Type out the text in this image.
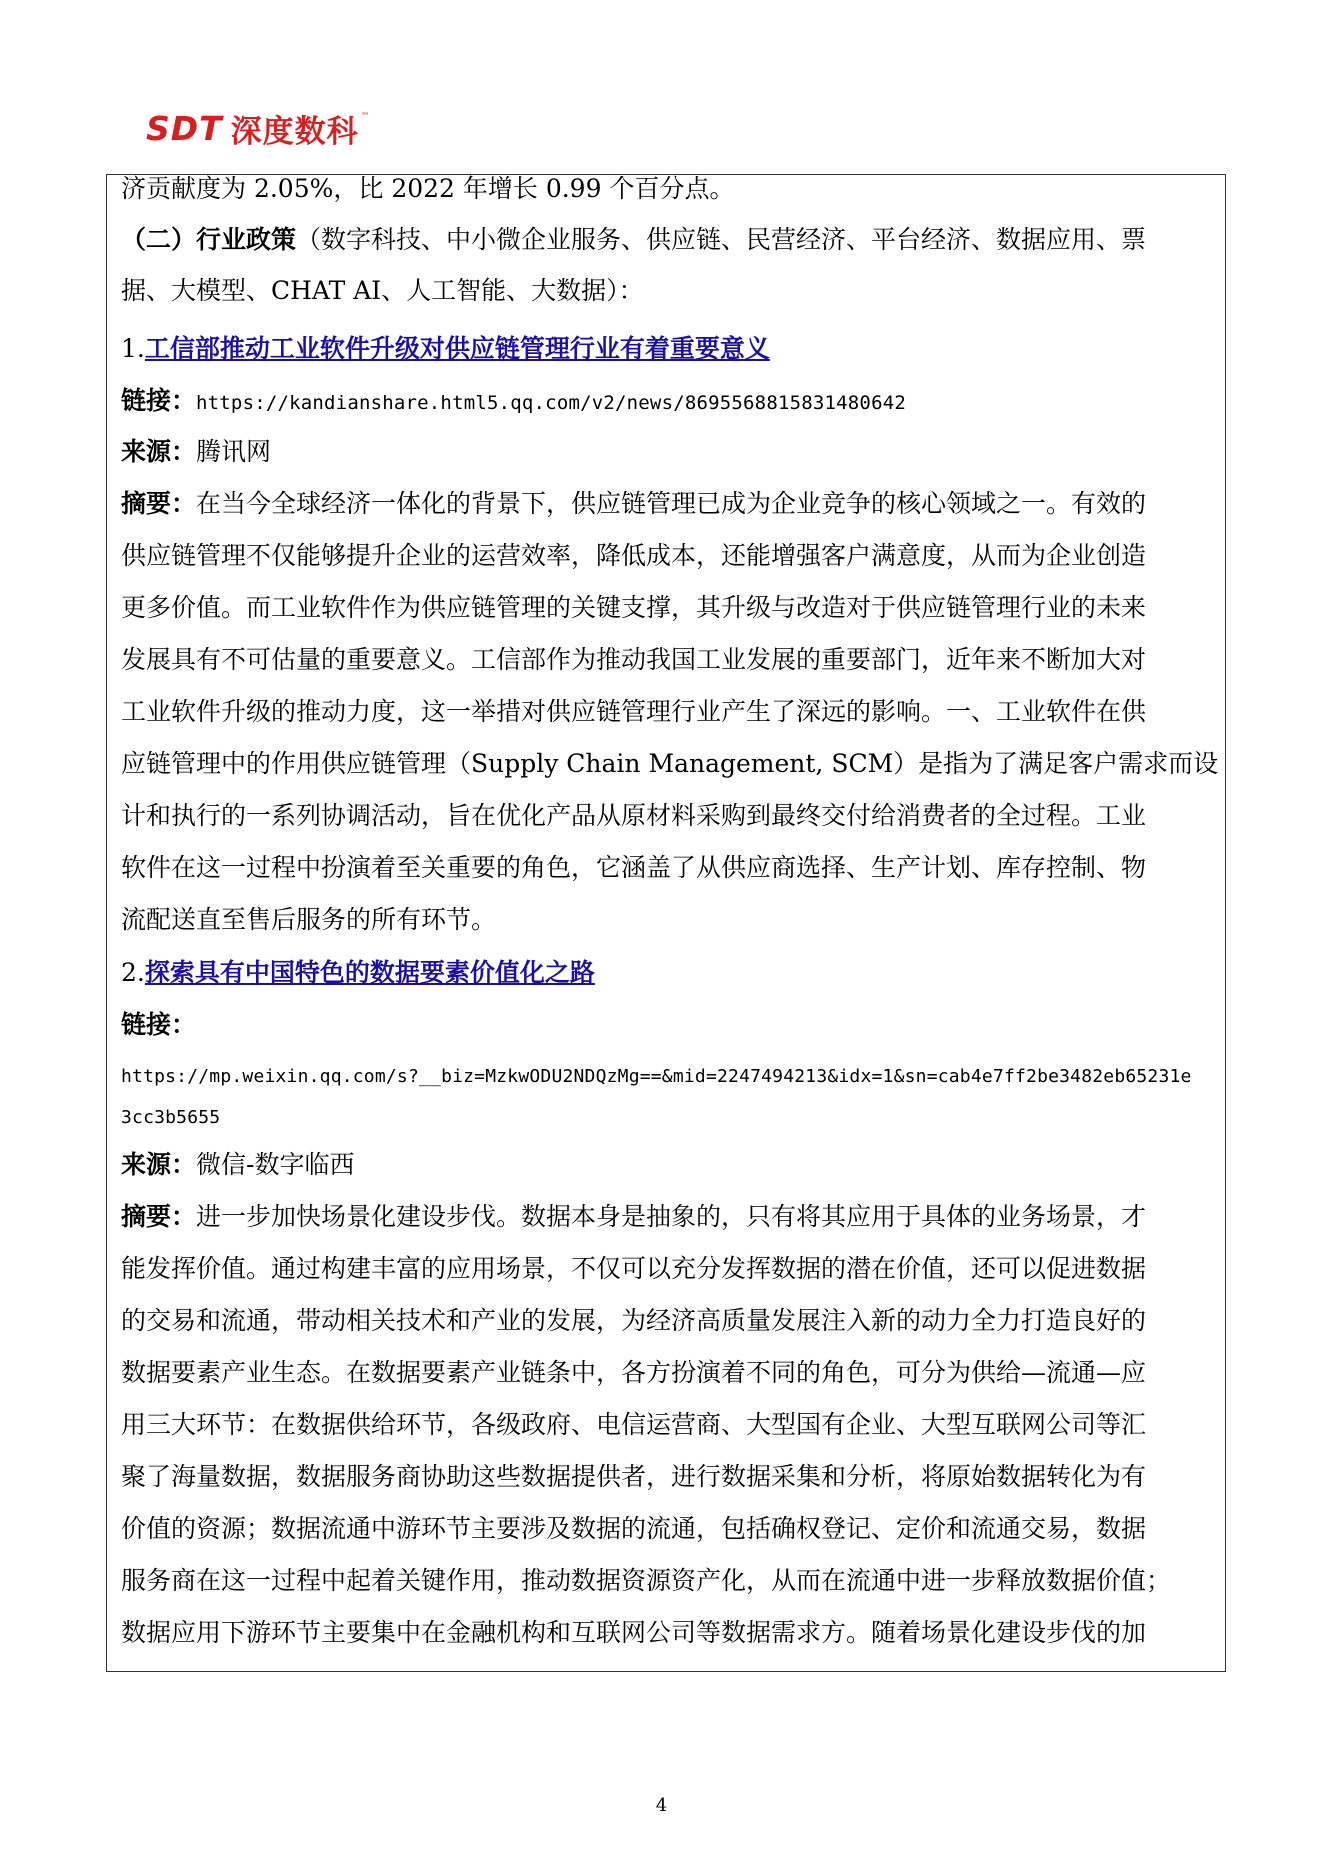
SDT 深度数科 ™
济贡献度为 2.05%，比 2022 年增长 0.99 个百分点。
（二）行业政策（数字科技、中小微企业服务、供应链、民营经济、平台经济、数据应用、票
据、大模型、CHAT AI、人工智能、大数据）：
1.工信部推动工业软件升级对供应链管理行业有着重要意义
链接：https://kandianshare.html5.qq.com/v2/news/8695568815831480642
来源：腾讯网
摘要：在当今全球经济一体化的背景下，供应链管理已成为企业竞争的核心领域之一。有效的
供应链管理不仅能够提升企业的运营效率，降低成本，还能增强客户满意度，从而为企业创造
更多价值。而工业软件作为供应链管理的关键支撑，其升级与改造对于供应链管理行业的未来
发展具有不可估量的重要意义。工信部作为推动我国工业发展的重要部门，近年来不断加大对
工业软件升级的推动力度，这一举措对供应链管理行业产生了深远的影响。一、工业软件在供
应链管理中的作用供应链管理（Supply Chain Management, SCM）是指为了满足客户需求而设
计和执行的一系列协调活动，旨在优化产品从原材料采购到最终交付给消费者的全过程。工业
软件在这一过程中扮演着至关重要的角色，它涵盖了从供应商选择、生产计划、库存控制、物
流配送直至售后服务的所有环节。
2.探索具有中国特色的数据要素价值化之路
链接：
https://mp.weixin.qq.com/s?__biz=MzkwODU2NDQzMg==&mid=2247494213&idx=1&sn=cab4e7ff2be3482eb65231e
3cc3b5655
来源：微信-数字临西
摘要：进一步加快场景化建设步伐。数据本身是抽象的，只有将其应用于具体的业务场景，才
能发挥价值。通过构建丰富的应用场景，不仅可以充分发挥数据的潜在价值，还可以促进数据
的交易和流通，带动相关技术和产业的发展，为经济高质量发展注入新的动力全力打造良好的
数据要素产业生态。在数据要素产业链条中，各方扮演着不同的角色，可分为供给—流通—应
用三大环节：在数据供给环节，各级政府、电信运营商、大型国有企业、大型互联网公司等汇
聚了海量数据，数据服务商协助这些数据提供者，进行数据采集和分析，将原始数据转化为有
价值的资源；数据流通中游环节主要涉及数据的流通，包括确权登记、定价和流通交易，数据
服务商在这一过程中起着关键作用，推动数据资源资产化，从而在流通中进一步释放数据价值；
数据应用下游环节主要集中在金融机构和互联网公司等数据需求方。随着场景化建设步伐的加
4
